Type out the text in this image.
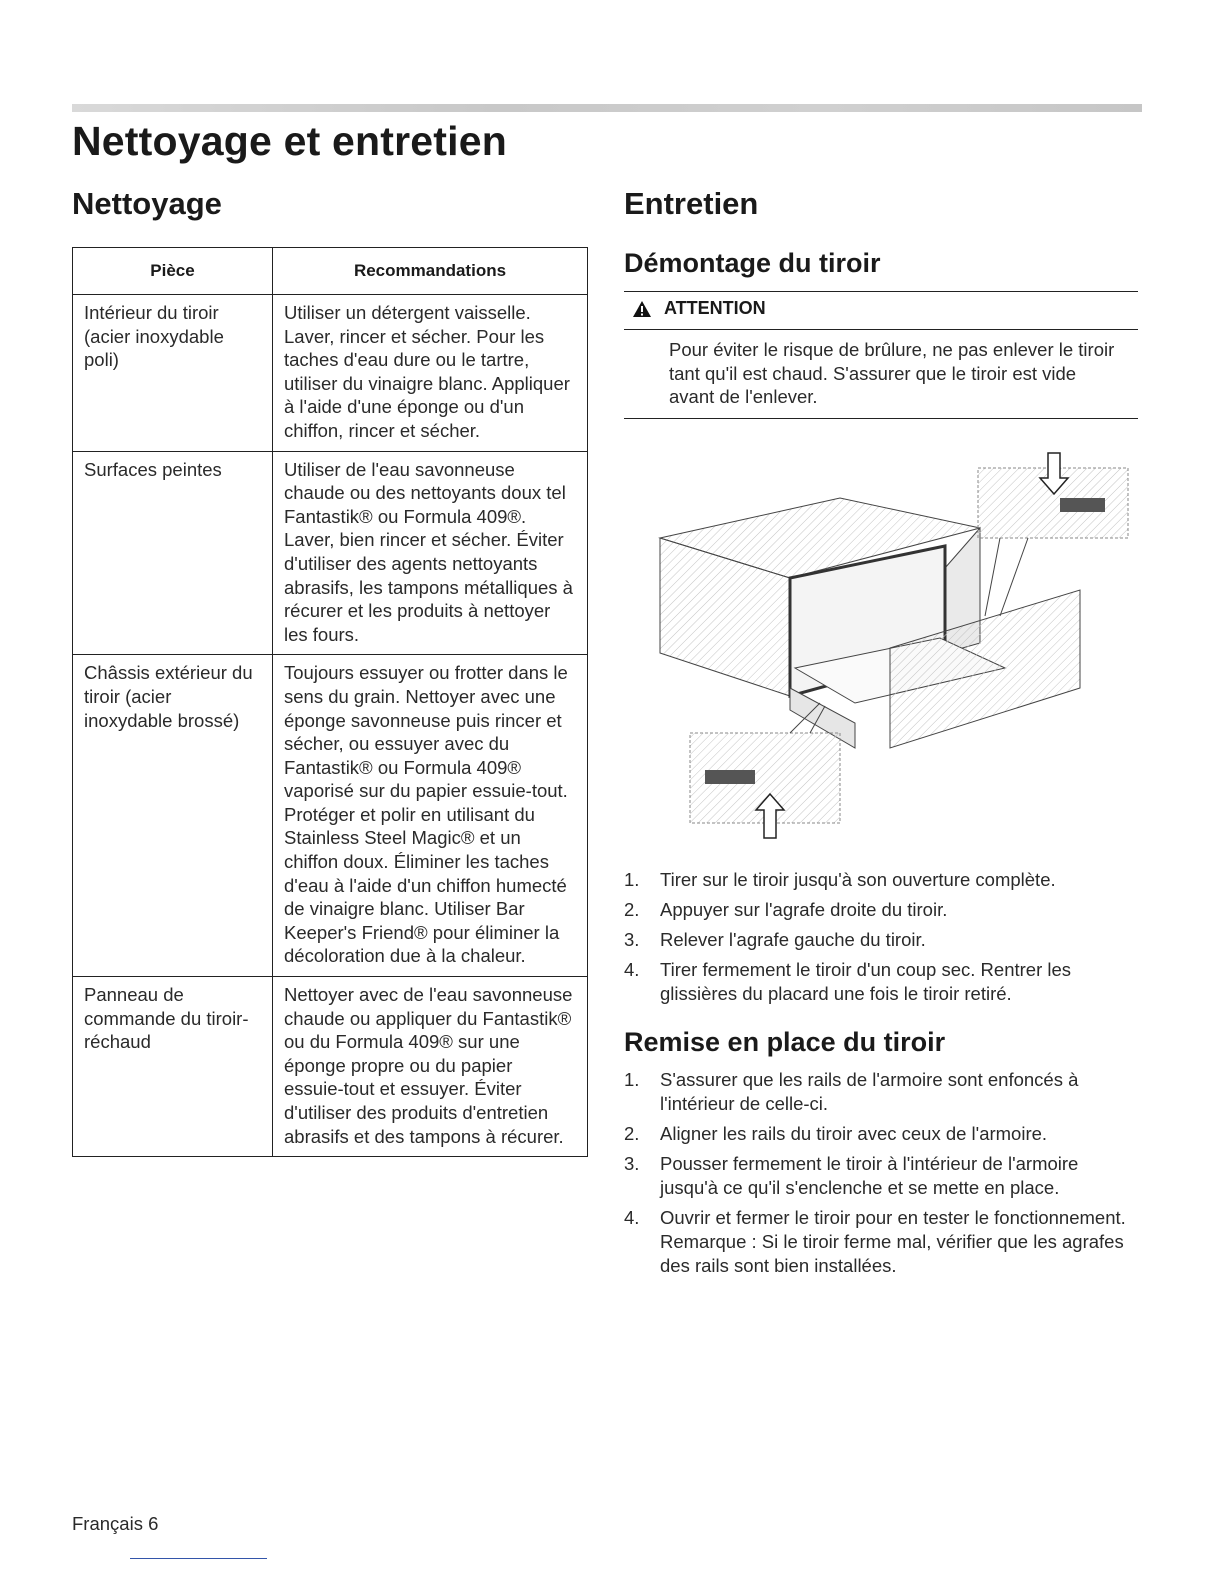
Nettoyage et entretien
Nettoyage
Pièce	Recommandations
Intérieur du tiroir (acier inoxydable poli)	Utiliser un détergent vaisselle. Laver, rincer et sécher. Pour les taches d'eau dure ou le tartre, utiliser du vinaigre blanc. Appliquer à l'aide d'une éponge ou d'un chiffon, rincer et sécher.
Surfaces peintes	Utiliser de l'eau savonneuse chaude ou des nettoyants doux tel Fantastik® ou Formula 409®. Laver, bien rincer et sécher. Éviter d'utiliser des agents nettoyants abrasifs, les tampons métalliques à récurer et les produits à nettoyer les fours.
Châssis extérieur du tiroir (acier inoxydable brossé)	Toujours essuyer ou frotter dans le sens du grain. Nettoyer avec une éponge savonneuse puis rincer et sécher, ou essuyer avec du Fantastik® ou Formula 409® vaporisé sur du papier essuie-tout. Protéger et polir en utilisant du Stainless Steel Magic® et un chiffon doux. Éliminer les taches d'eau à l'aide d'un chiffon humecté de vinaigre blanc. Utiliser Bar Keeper's Friend® pour éliminer la décoloration due à la chaleur.
Panneau de commande du tiroir-réchaud	Nettoyer avec de l'eau savonneuse chaude ou appliquer du Fantastik® ou du Formula 409® sur une éponge propre ou du papier essuie-tout et essuyer. Éviter d'utiliser des produits d'entretien abrasifs et des tampons à récurer.
Entretien
Démontage du tiroir
ATTENTION

Pour éviter le risque de brûlure, ne pas enlever le tiroir tant qu'il est chaud. S'assurer que le tiroir est vide avant de l'enlever.

1.	Tirer sur le tiroir jusqu'à son ouverture complète.
2.	Appuyer sur l'agrafe droite du tiroir.
3.	Relever l'agrafe gauche du tiroir.
4.	Tirer fermement le tiroir d'un coup sec. Rentrer les glissières du placard une fois le tiroir retiré.
Remise en place du tiroir
1.	S'assurer que les rails de l'armoire sont enfoncés à l'intérieur de celle-ci.
2.	Aligner les rails du tiroir avec ceux de l'armoire.
3.	Pousser fermement le tiroir à l'intérieur de l'armoire jusqu'à ce qu'il s'enclenche et se mette en place.
4.	Ouvrir et fermer le tiroir pour en tester le fonctionnement. Remarque : Si le tiroir ferme mal, vérifier que les agrafes des rails sont bien installées.
Français 6
